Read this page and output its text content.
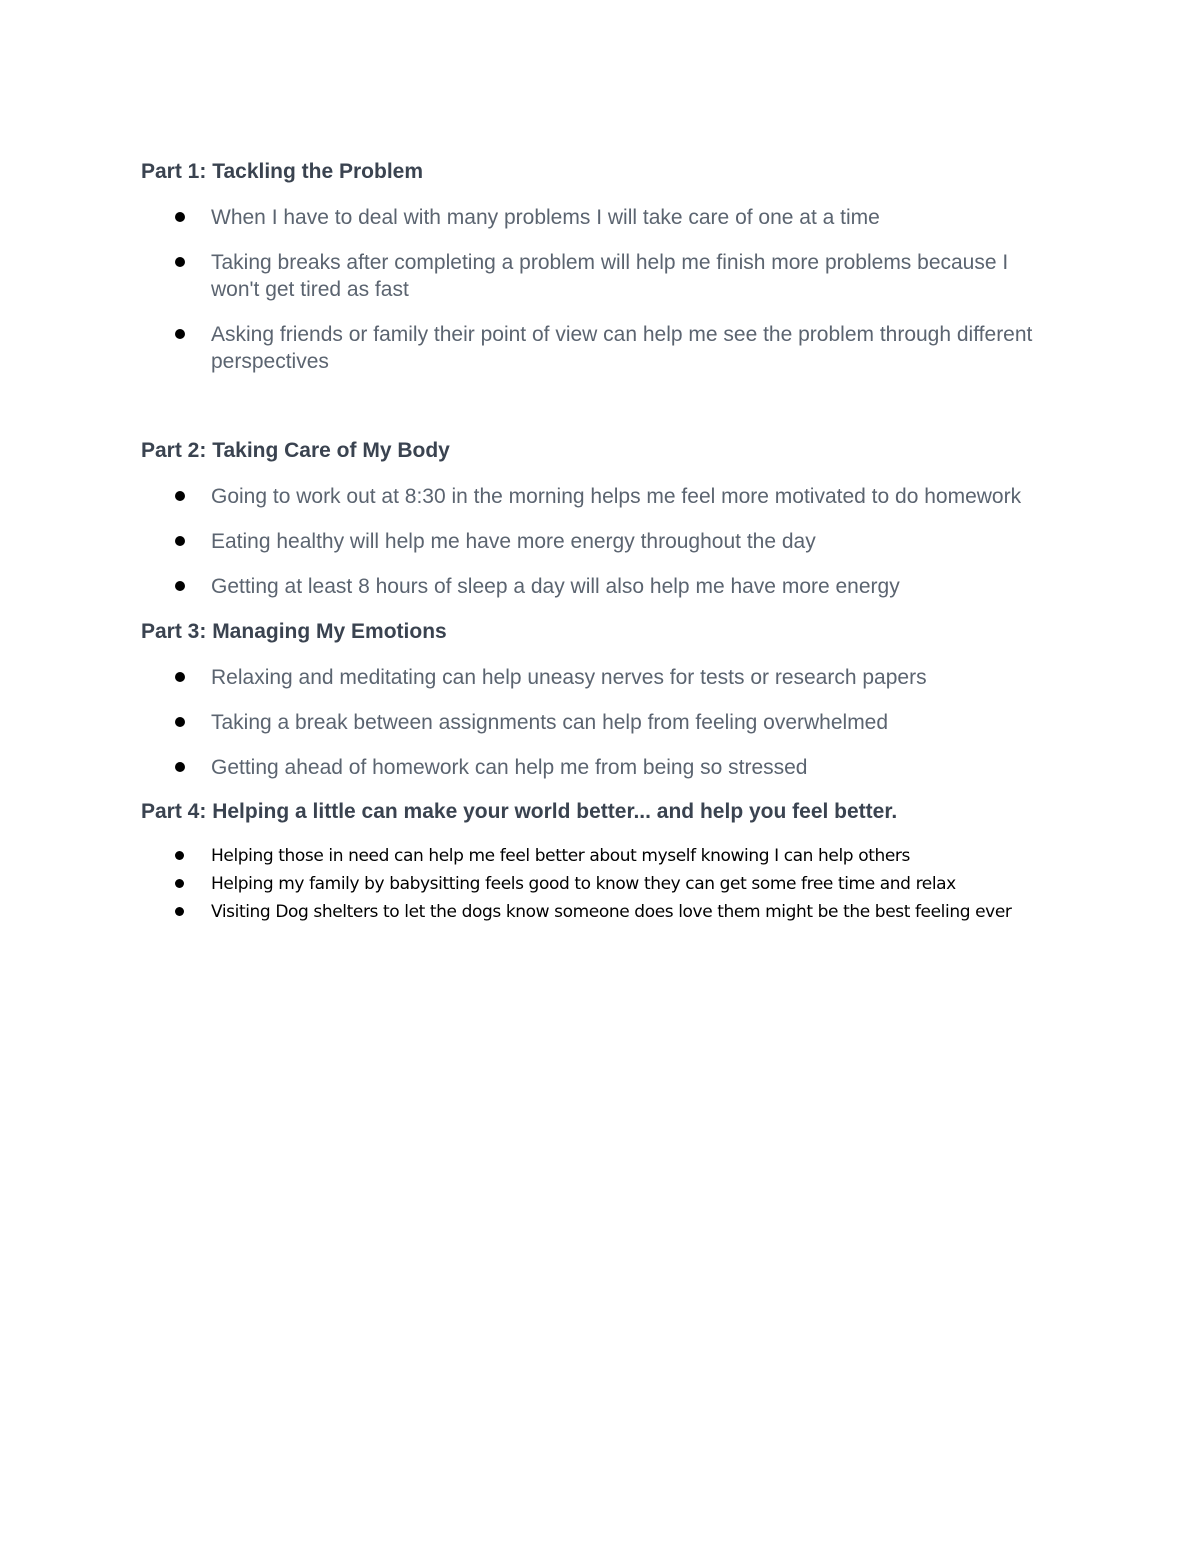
Part 1: Tackling the Problem
When I have to deal with many problems I will take care of one at a time
Taking breaks after completing a problem will help me finish more problems because I won't get tired as fast
Asking friends or family their point of view can help me see the problem through different perspectives
Part 2: Taking Care of My Body
Going to work out at 8:30 in the morning helps me feel more motivated to do homework
Eating healthy will help me have more energy throughout the day
Getting at least 8 hours of sleep a day will also help me have more energy
Part 3: Managing My Emotions
Relaxing and meditating can help uneasy nerves for tests or research papers
Taking a break between assignments can help from feeling overwhelmed
Getting ahead of homework can help me from being so stressed
Part 4: Helping a little can make your world better... and help you feel better.
Helping those in need can help me feel better about myself knowing I can help others
Helping my family by babysitting feels good to know they can get some free time and relax
Visiting Dog shelters to let the dogs know someone does love them might be the best feeling ever
